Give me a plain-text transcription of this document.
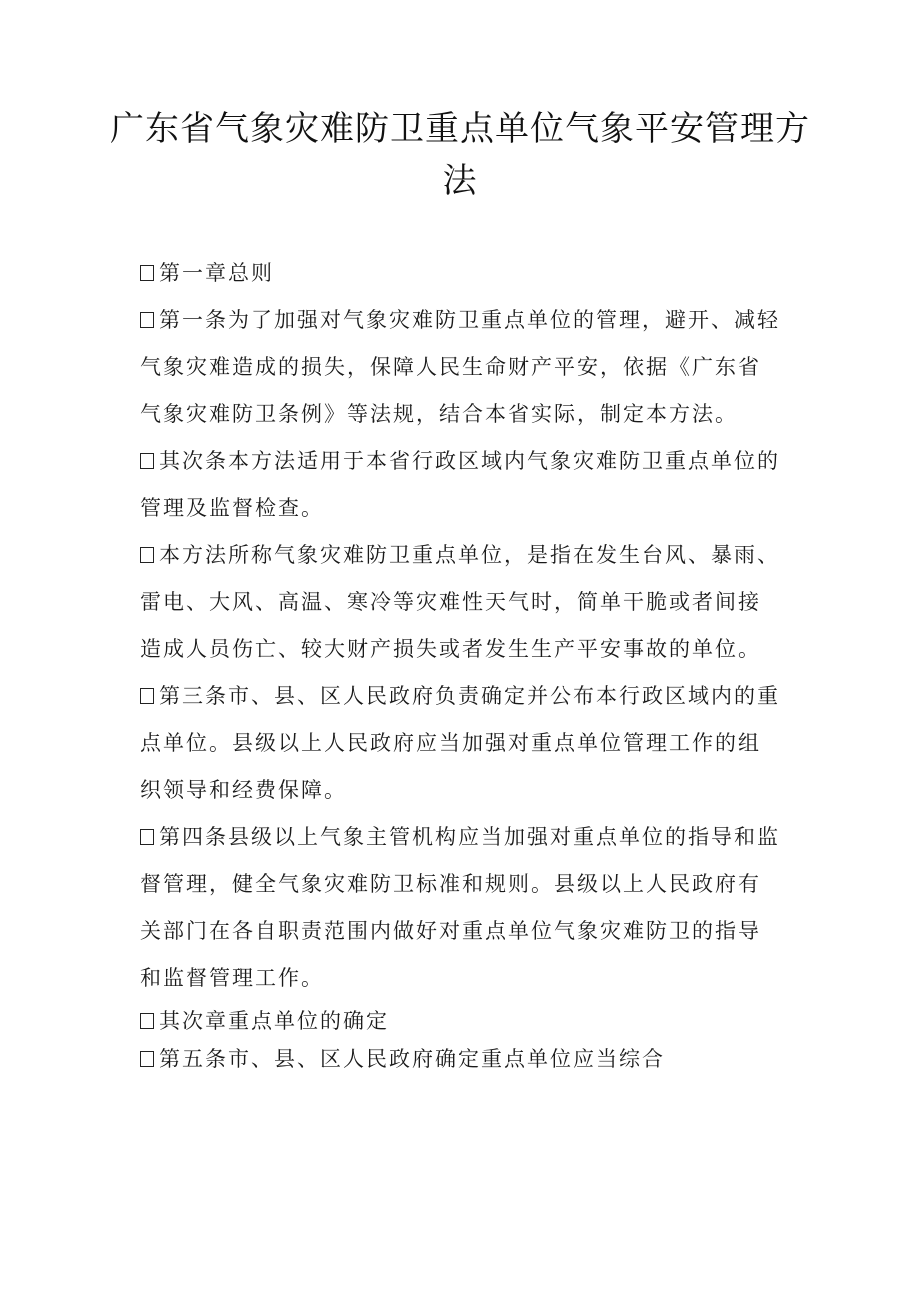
广东省气象灾难防卫重点单位气象平安管理方法

第一章总则

第一条为了加强对气象灾难防卫重点单位的管理，避开、减轻气象灾难造成的损失，保障人民生命财产平安，依据《广东省气象灾难防卫条例》等法规，结合本省实际，制定本方法。

其次条本方法适用于本省行政区域内气象灾难防卫重点单位的管理及监督检查。

本方法所称气象灾难防卫重点单位，是指在发生台风、暴雨、雷电、大风、高温、寒冷等灾难性天气时，简单干脆或者间接造成人员伤亡、较大财产损失或者发生生产平安事故的单位。

第三条市、县、区人民政府负责确定并公布本行政区域内的重点单位。县级以上人民政府应当加强对重点单位管理工作的组织领导和经费保障。

第四条县级以上气象主管机构应当加强对重点单位的指导和监督管理，健全气象灾难防卫标准和规则。县级以上人民政府有关部门在各自职责范围内做好对重点单位气象灾难防卫的指导和监督管理工作。

其次章重点单位的确定

第五条市、县、区人民政府确定重点单位应当综合
